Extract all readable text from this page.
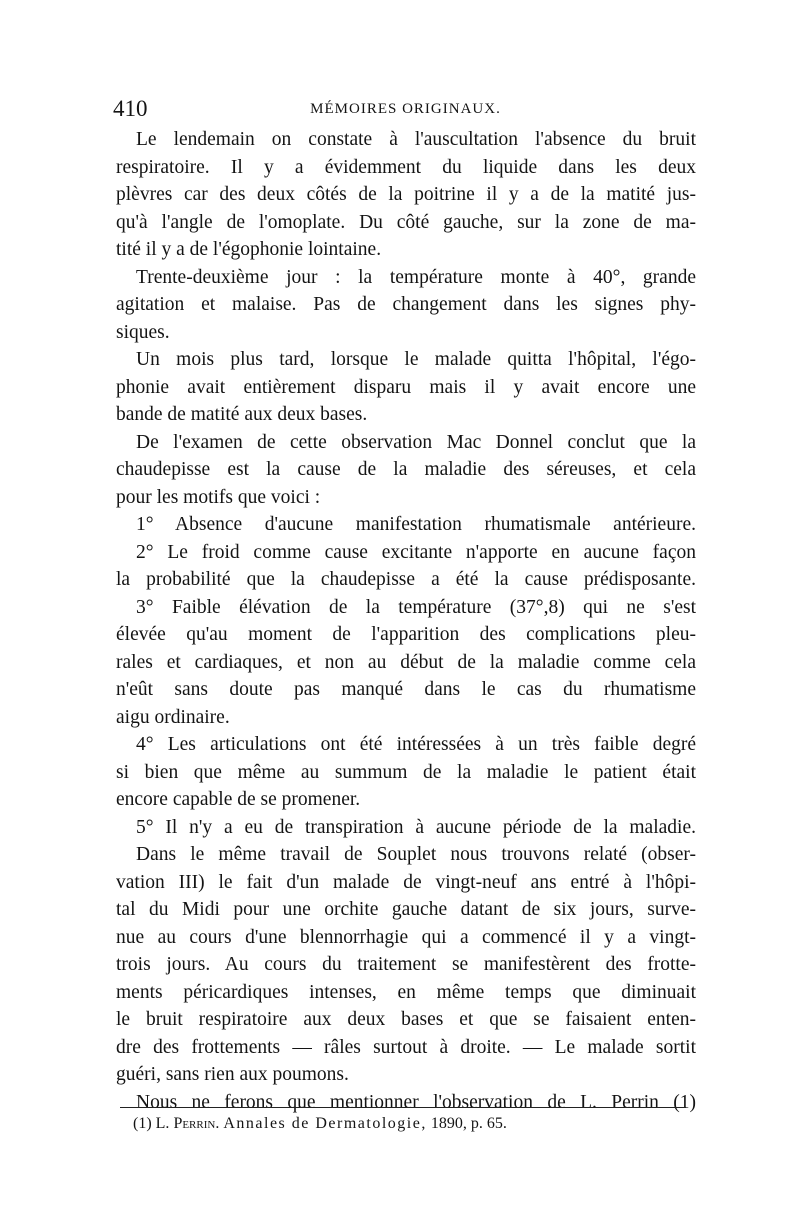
410	MÉMOIRES ORIGINAUX.
Le lendemain on constate à l'auscultation l'absence du bruit
respiratoire. Il y a évidemment du liquide dans les deux
plèvres car des deux côtés de la poitrine il y a de la matité jus-
qu'à l'angle de l'omoplate. Du côté gauche, sur la zone de ma-
tité il y a de l'égophonie lointaine.
Trente-deuxième jour : la température monte à 40°, grande
agitation et malaise. Pas de changement dans les signes phy-
siques.
Un mois plus tard, lorsque le malade quitta l'hôpital, l'égo-
phonie avait entièrement disparu mais il y avait encore une
bande de matité aux deux bases.
De l'examen de cette observation Mac Donnel conclut que la
chaudepisse est la cause de la maladie des séreuses, et cela
pour les motifs que voici :
1° Absence d'aucune manifestation rhumatismale antérieure.
2° Le froid comme cause excitante n'apporte en aucune façon
la probabilité que la chaudepisse a été la cause prédisposante.
3° Faible élévation de la température (37°,8) qui ne s'est
élevée qu'au moment de l'apparition des complications pleu-
rales et cardiaques, et non au début de la maladie comme cela
n'eût sans doute pas manqué dans le cas du rhumatisme
aigu ordinaire.
4° Les articulations ont été intéressées à un très faible degré
si bien que même au summum de la maladie le patient était
encore capable de se promener.
5° Il n'y a eu de transpiration à aucune période de la maladie.
Dans le même travail de Souplet nous trouvons relaté (obser-
vation III) le fait d'un malade de vingt-neuf ans entré à l'hôpi-
tal du Midi pour une orchite gauche datant de six jours, surve-
nue au cours d'une blennorrhagie qui a commencé il y a vingt-
trois jours. Au cours du traitement se manifestèrent des frotte-
ments péricardiques intenses, en même temps que diminuait
le bruit respiratoire aux deux bases et que se faisaient enten-
dre des frottements — râles surtout à droite. — Le malade sortit
guéri, sans rien aux poumons.
Nous ne ferons que mentionner l'observation de L. Perrin (1)
(1) L. Perrin. Annales de Dermatologie, 1890, p. 65.
